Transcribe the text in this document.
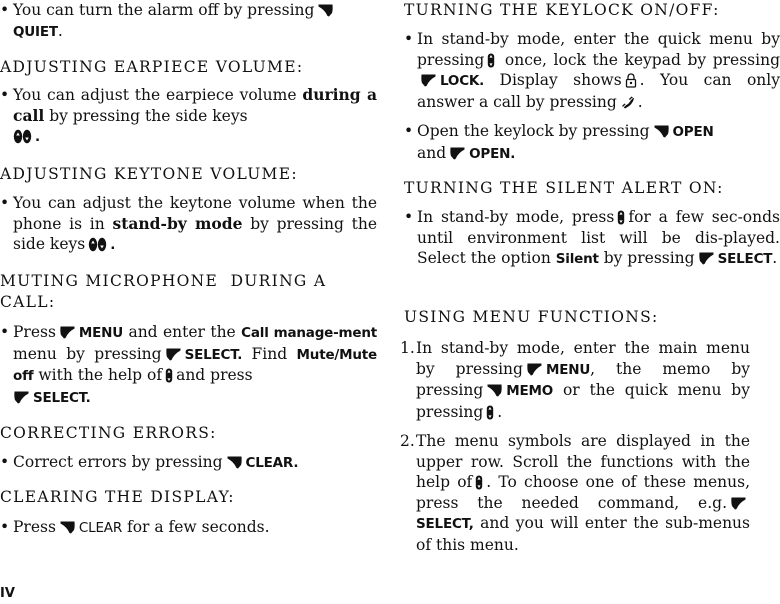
• You can turn the alarm off by pressing

QUIET.

ADJUSTING EARPIECE VOLUME:

• You can adjust the earpiece volume during a call by pressing the side keys

.

ADJUSTING KEYTONE VOLUME:

• You can adjust the keytone volume when the phone is in stand-by mode by pressing the side keys .

MUTING MICROPHONE  DURING A
CALL:

• Press MENU and enter the Call manage-ment menu by pressing SELECT. Find Mute/Mute off with the help of and press

SELECT.

CORRECTING ERRORS:

• Correct errors by pressing CLEAR.

CLEARING THE DISPLAY:

• Press CLEAR for a few seconds.

TURNING THE KEYLOCK ON/OFF:

• In stand-by mode, enter the quick menu by pressing once, lock the keypad by pressing
LOCK. Display shows . You can only answer a call by pressing .

• Open the keylock by pressing OPEN
and OPEN.

TURNING THE SILENT ALERT ON:

• In stand-by mode, press for a few sec-onds until environment list will be dis-played. Select the option Silent by pressing SELECT.

USING MENU FUNCTIONS:

1. In stand-by mode, enter the main menu by pressing MENU, the memo by pressing MEMO or the quick menu by pressing .

2. The menu symbols are displayed in the upper row. Scroll the functions with the help of . To choose one of these menus, press the needed command, e.g.
SELECT, and you will enter the sub-menus of this menu.

IV
